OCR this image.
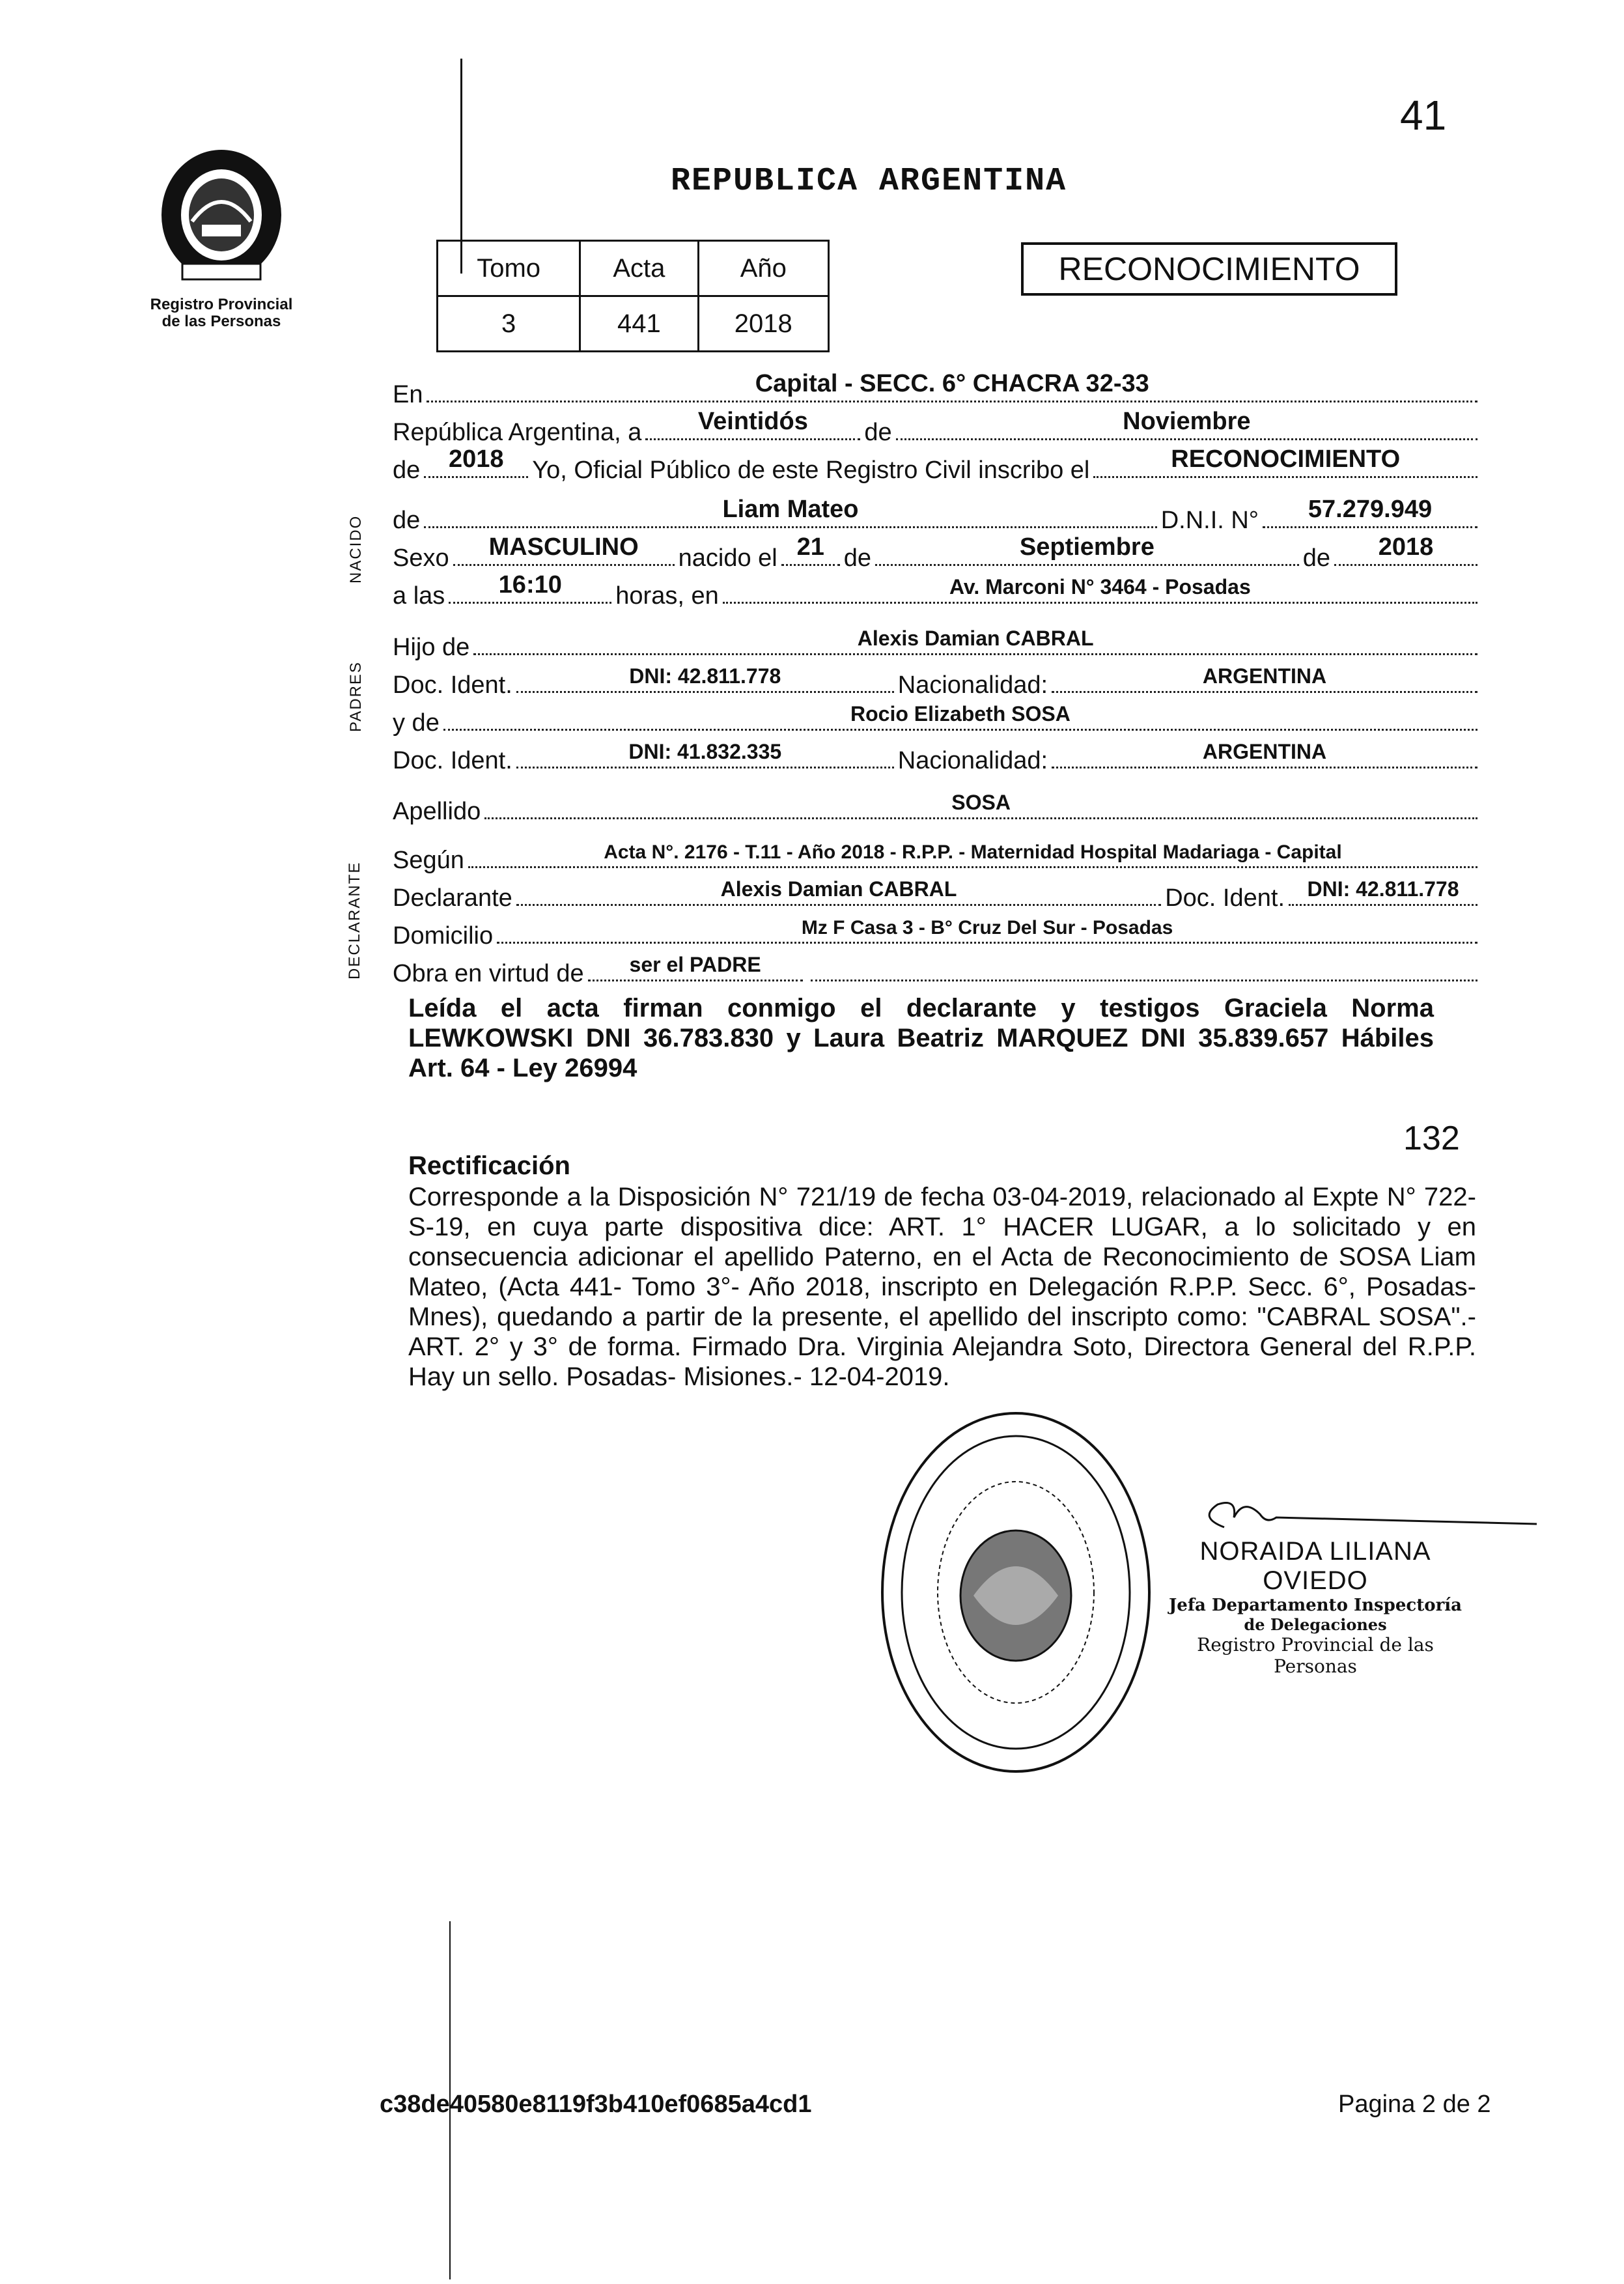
41
Registro Provincial
de las Personas
REPUBLICA ARGENTINA
Tomo	Acta	Año
3	441	2018
RECONOCIMIENTO
NACIDO
PADRES
DECLARANTE
En	Capital - SECC. 6° CHACRA 32-33
República Argentina, a	Veintidós	de	Noviembre
de	2018	Yo, Oficial Público de este Registro Civil inscribo el	RECONOCIMIENTO
de	Liam Mateo	D.N.I. N°	57.279.949
Sexo	MASCULINO	nacido el 21 de	Septiembre	de	2018
a las	16:10	horas, en	Av. Marconi N° 3464 - Posadas
Hijo de	Alexis Damian CABRAL
Doc. Ident.	DNI: 42.811.778	Nacionalidad:	ARGENTINA
y de	Rocio Elizabeth SOSA
Doc. Ident.	DNI: 41.832.335	Nacionalidad:	ARGENTINA
Apellido	SOSA
Según	Acta N°. 2176 - T.11 - Año 2018 - R.P.P. - Maternidad Hospital Madariaga - Capital
Declarante	Alexis Damian CABRAL	Doc. Ident.	DNI: 42.811.778
Domicilio	Mz F Casa 3 - B° Cruz Del Sur - Posadas
Obra en virtud de	ser el PADRE
Leída el acta firman conmigo el declarante y testigos Graciela Norma LEWKOWSKI DNI 36.783.830 y Laura Beatriz MARQUEZ DNI 35.839.657 Hábiles Art. 64 - Ley 26994
132
Rectificación
Corresponde a la Disposición N° 721/19 de fecha 03-04-2019, relacionado al Expte N° 722-S-19, en cuya parte dispositiva dice: ART. 1° HACER LUGAR, a lo solicitado y en consecuencia adicionar el apellido Paterno, en el Acta de Reconocimiento de SOSA Liam Mateo, (Acta 441- Tomo 3°- Año 2018, inscripto en Delegación R.P.P. Secc. 6°, Posadas-Mnes), quedando a partir de la presente, el apellido del inscripto como: "CABRAL SOSA".- ART. 2° y 3° de forma. Firmado Dra. Virginia Alejandra Soto, Directora General del R.P.P. Hay un sello. Posadas- Misiones.- 12-04-2019.
NORAIDA LILIANA OVIEDO
Jefa Departamento Inspectoría
de Delegaciones
Registro Provincial de las Personas
c38de40580e8119f3b410ef0685a4cd1	Pagina 2 de 2
